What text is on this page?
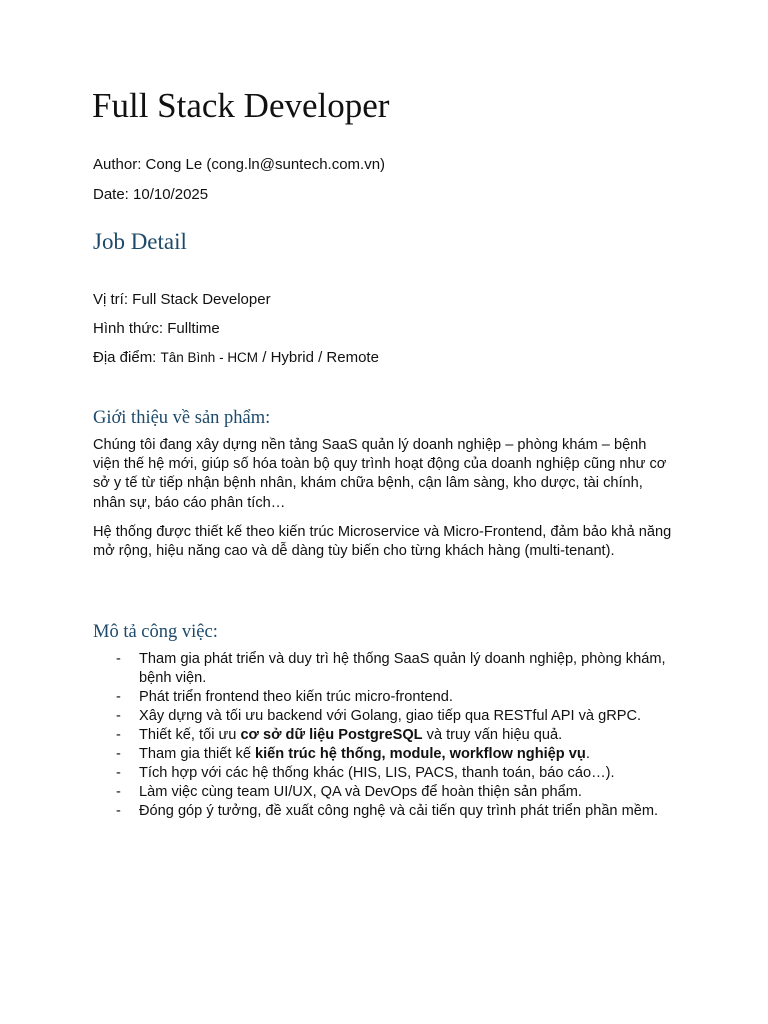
Full Stack Developer

Author: Cong Le (cong.ln@suntech.com.vn)

Date: 10/10/2025

Job Detail

Vị trí: Full Stack Developer

Hình thức: Fulltime

Địa điểm: Tân Bình - HCM / Hybrid / Remote

Giới thiệu về sản phẩm:

Chúng tôi đang xây dựng nền tảng SaaS quản lý doanh nghiệp – phòng khám – bệnh viện thế hệ mới, giúp số hóa toàn bộ quy trình hoạt động của doanh nghiệp cũng như cơ sở y tế từ tiếp nhận bệnh nhân, khám chữa bệnh, cận lâm sàng, kho dược, tài chính, nhân sự, báo cáo phân tích…

Hệ thống được thiết kế theo kiến trúc Microservice và Micro-Frontend, đảm bảo khả năng mở rộng, hiệu năng cao và dễ dàng tùy biến cho từng khách hàng (multi-tenant).

Mô tả công việc:
- Tham gia phát triển và duy trì hệ thống SaaS quản lý doanh nghiệp, phòng khám, bệnh viện.
- Phát triển frontend theo kiến trúc micro-frontend.
- Xây dựng và tối ưu backend với Golang, giao tiếp qua RESTful API và gRPC.
- Thiết kế, tối ưu cơ sở dữ liệu PostgreSQL và truy vấn hiệu quả.
- Tham gia thiết kế kiến trúc hệ thống, module, workflow nghiệp vụ.
- Tích hợp với các hệ thống khác (HIS, LIS, PACS, thanh toán, báo cáo…).
- Làm việc cùng team UI/UX, QA và DevOps để hoàn thiện sản phẩm.
- Đóng góp ý tưởng, đề xuất công nghệ và cải tiến quy trình phát triển phần mềm.
